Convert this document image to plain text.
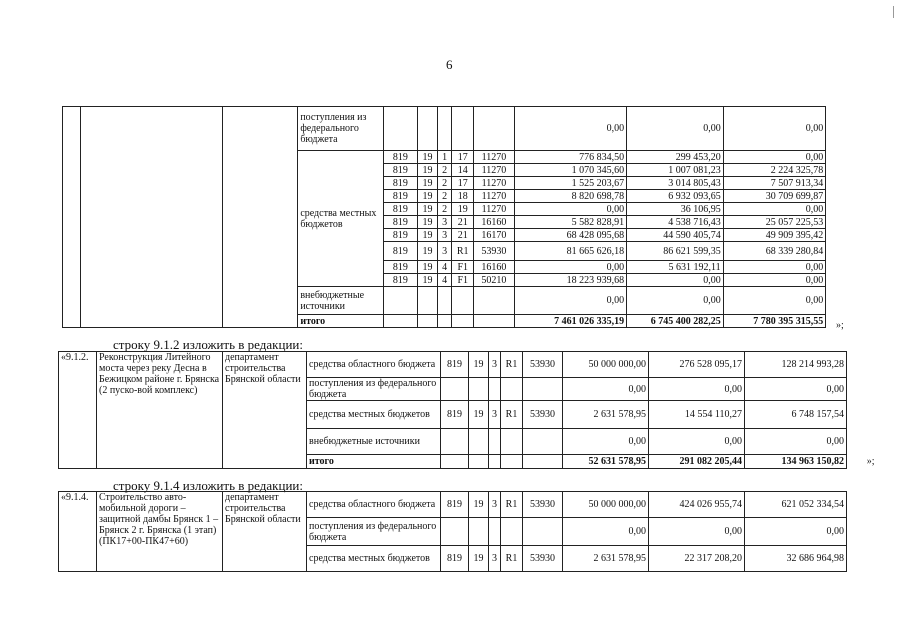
6
			поступления из федерального бюджета						0,00	0,00	0,00	
			средства местных бюджетов	819	19	1	17	11270	776 834,50	299 453,20	0,00	
				819	19	2	14	11270	1 070 345,60	1 007 081,23	2 224 325,78	
				819	19	2	17	11270	1 525 203,67	3 014 805,43	7 507 913,34	
				819	19	2	18	11270	8 820 698,78	6 932 093,65	30 709 699,87	
				819	19	2	19	11270	0,00	36 106,95	0,00	
				819	19	3	21	16160	5 582 828,91	4 538 716,43	25 057 225,53	
				819	19	3	21	16170	68 428 095,68	44 590 405,74	49 909 395,42	
				819	19	3	R1	53930	81 665 626,18	86 621 599,35	68 339 280,84	
				819	19	4	F1	16160	0,00	5 631 192,11	0,00	
				819	19	4	F1	50210	18 223 939,68	0,00	0,00	
			внебюджетные источники						0,00	0,00	0,00	
			итого						7 461 026 335,19	6 745 400 282,25	7 780 395 315,55	
строку 9.1.2 изложить в редакции:
«9.1.2.	Реконструкция Литейного моста через реку Десна в Бежицком районе г. Брянска (2 пуско-вой комплекс)	департамент строительства Брянской области	средства областного бюджета	819	19	3	R1	53930	50 000 000,00	276 528 095,17	128 214 993,28	
			поступления из федерального бюджета						0,00	0,00	0,00	
			средства местных бюджетов	819	19	3	R1	53930	2 631 578,95	14 554 110,27	6 748 157,54	
			внебюджетные источники						0,00	0,00	0,00	
			итого						52 631 578,95	291 082 205,44	134 963 150,82	»;
строку 9.1.4 изложить в редакции:
«9.1.4.	Строительство авто-мобильной дороги – защитной дамбы Брянск 1 – Брянск 2 г. Брянска (1 этап) (ПК17+00-ПК47+60)	департамент строительства Брянской области	средства областного бюджета	819	19	3	R1	53930	50 000 000,00	424 026 955,74	621 052 334,54	
			поступления из федерального бюджета						0,00	0,00	0,00	
			средства местных бюджетов	819	19	3	R1	53930	2 631 578,95	22 317 208,20	32 686 964,98	
»;
